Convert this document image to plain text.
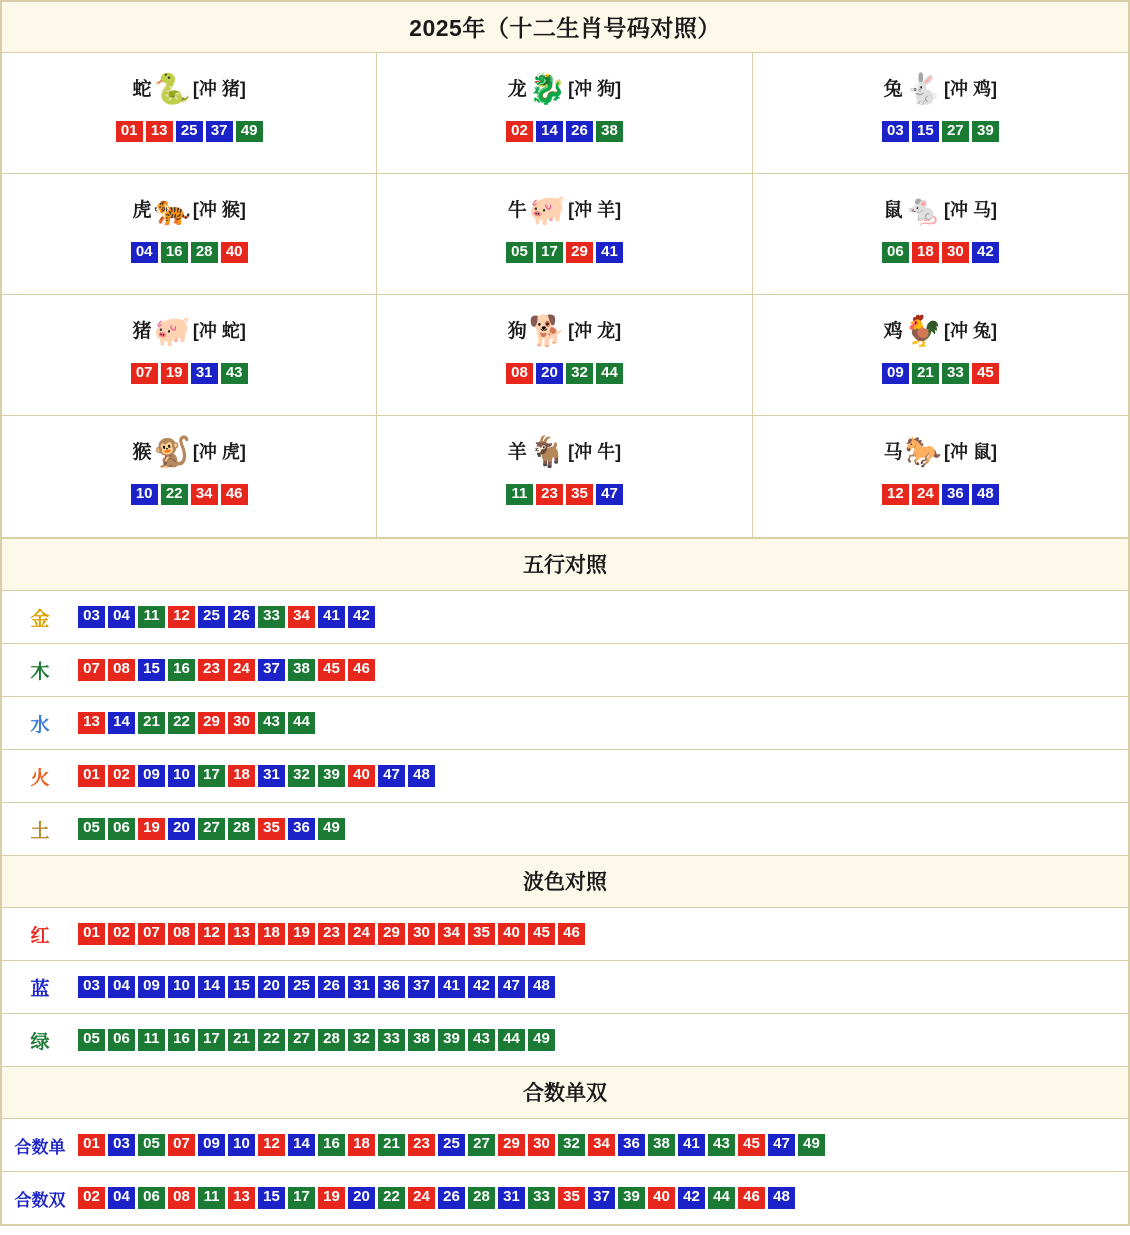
2025年（十二生肖号码对照）
蛇 🐍 [冲 猪]
01 13 25 37 49
龙 🐉 [冲 狗]
02 14 26 38
兔 🐇 [冲 鸡]
03 15 27 39
虎 🐅 [冲 猴]
04 16 28 40
牛 🐖 [冲 羊]
05 17 29 41
鼠 🐁 [冲 马]
06 18 30 42
猪 🐖 [冲 蛇]
07 19 31 43
狗 🐕 [冲 龙]
08 20 32 44
鸡 🐓 [冲 兔]
09 21 33 45
猴 🐒 [冲 虎]
10 22 34 46
羊 🐐 [冲 牛]
11 23 35 47
马 🐎 [冲 鼠]
12 24 36 48
五行对照
金	03 04 11 12 25 26 33 34 41 42
木	07 08 15 16 23 24 37 38 45 46
水	13 14 21 22 29 30 43 44
火	01 02 09 10 17 18 31 32 39 40 47 48
土	05 06 19 20 27 28 35 36 49
波色对照
红	01 02 07 08 12 13 18 19 23 24 29 30 34 35 40 45 46
蓝	03 04 09 10 14 15 20 25 26 31 36 37 41 42 47 48
绿	05 06 11 16 17 21 22 27 28 32 33 38 39 43 44 49
合数单双
合数单	01 03 05 07 09 10 12 14 16 18 21 23 25 27 29 30 32 34 36 38 41 43 45 47 49
合数双	02 04 06 08 11 13 15 17 19 20 22 24 26 28 31 33 35 37 39 40 42 44 46 48
